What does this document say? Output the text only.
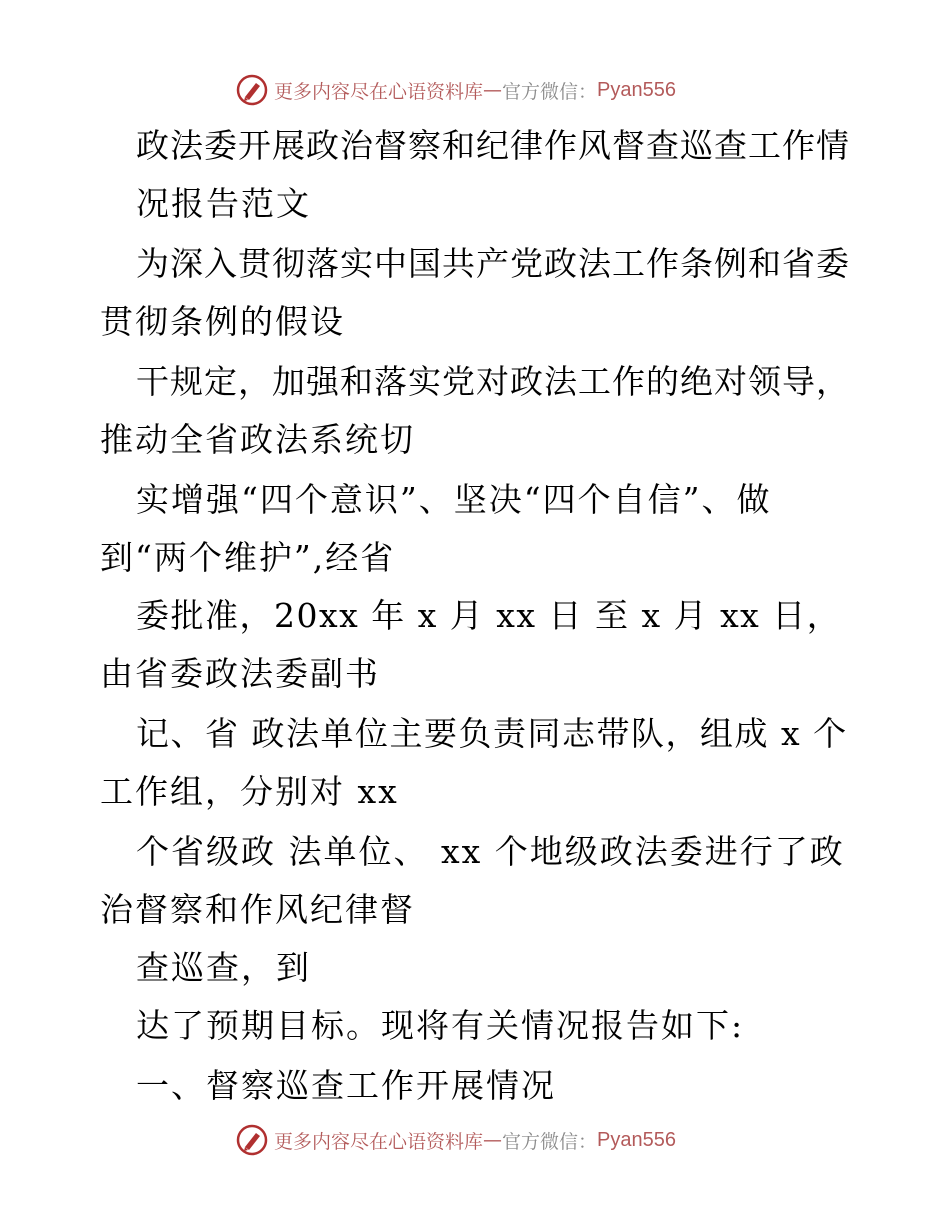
更多内容尽在心语资料库 — 官方微信： Pyan556
政法委开展政治督察和纪律作风督查巡查工作情
况报告范文
为深入贯彻落实中国共产党政法工作条例和省委
贯彻条例的假设
干规定，加强和落实党对政法工作的绝对领导，
推动全省政法系统切
实增强“四个意识”、坚决“四个自信”、做
到“两个维护”,经省
委批准，20xx 年 x 月 xx 日 至 x 月 xx 日，
由省委政法委副书
记、省 政法单位主要负责同志带队，组成 x 个
工作组，分别对 xx
个省级政 法单位、 xx 个地级政法委进行了政
治督察和作风纪律督
查巡查，到
达了预期目标。现将有关情况报告如下:
一、督察巡查工作开展情况
更多内容尽在心语资料库 — 官方微信： Pyan556
